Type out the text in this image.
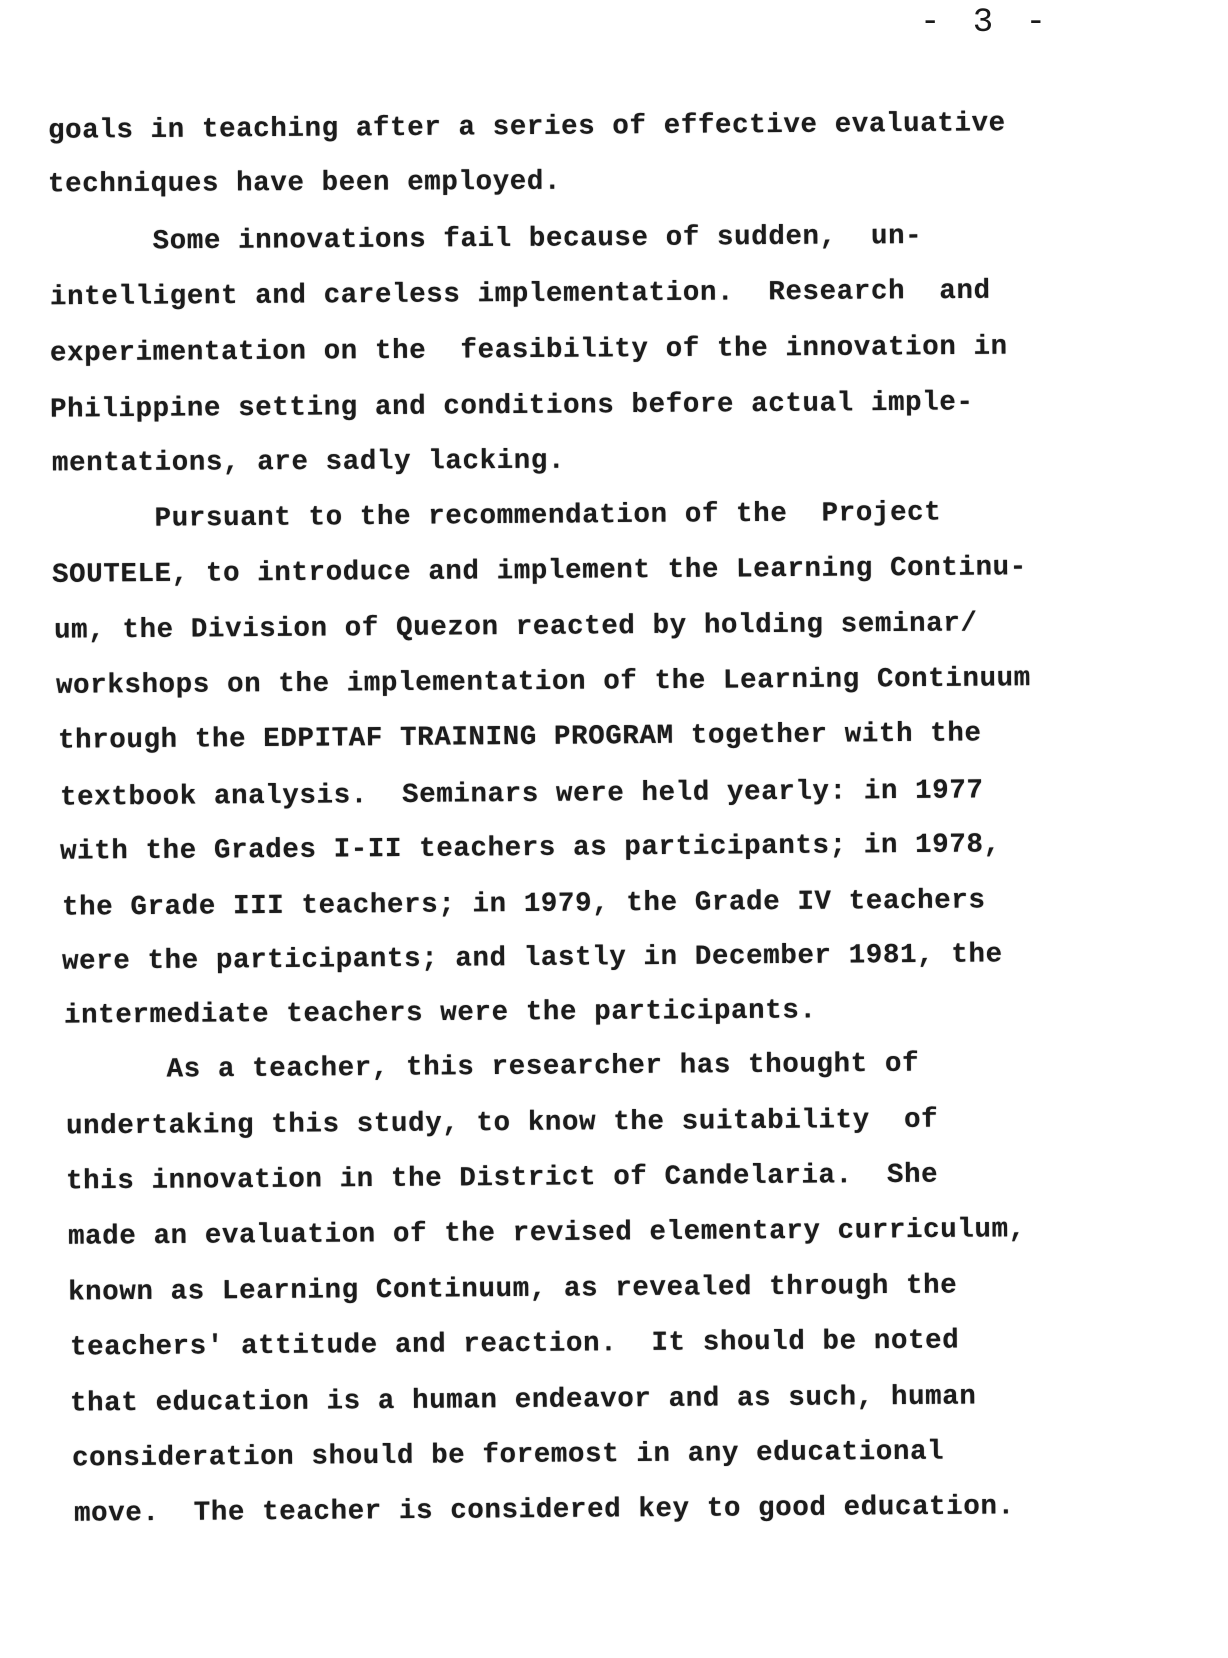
- 3 -
goals in teaching after a series of effective evaluative
techniques have been employed.
Some innovations fail because of sudden,  un-
intelligent and careless implementation.  Research  and
experimentation on the  feasibility of the innovation in
Philippine setting and conditions before actual imple-
mentations, are sadly lacking.
Pursuant to the recommendation of the  Project
SOUTELE, to introduce and implement the Learning Continu-
um, the Division of Quezon reacted by holding seminar/
workshops on the implementation of the Learning Continuum
through the EDPITAF TRAINING PROGRAM together with the
textbook analysis.  Seminars were held yearly: in 1977
with the Grades I-II teachers as participants; in 1978,
the Grade III teachers; in 1979, the Grade IV teachers
were the participants; and lastly in December 1981, the
intermediate teachers were the participants.
As a teacher, this researcher has thought of
undertaking this study, to know the suitability  of
this innovation in the District of Candelaria.  She
made an evaluation of the revised elementary curriculum,
known as Learning Continuum, as revealed through the
teachers' attitude and reaction.  It should be noted
that education is a human endeavor and as such, human
consideration should be foremost in any educational
move.  The teacher is considered key to good education.
